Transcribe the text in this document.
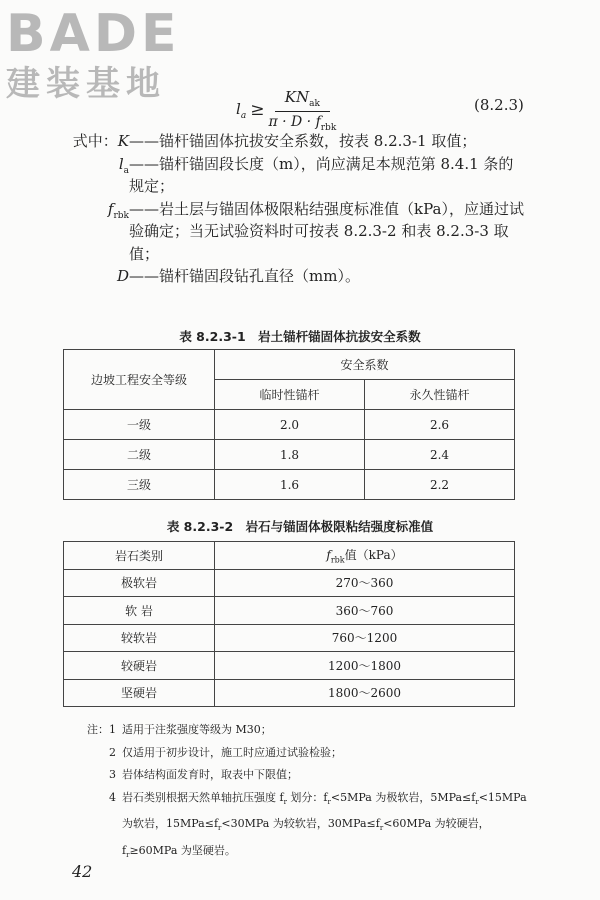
BADE
建装基地
$l_a \ge \frac{KN_{ak}}{\pi \cdot D \cdot f_{rbk}}$	(8.2.3)
式中：K ——锚杆锚固体抗拔安全系数，按表 8.2.3-1 取值；
$l_a$ ——锚杆锚固段长度（m），尚应满足本规范第 8.4.1 条的规定；
$f_{rbk}$ ——岩土层与锚固体极限粘结强度标准值（kPa），应通过试验确定；当无试验资料时可按表 8.2.3-2 和表 8.2.3-3 取值；
D ——锚杆锚固段钻孔直径（mm）。
表 8.2.3-1　岩土锚杆锚固体抗拔安全系数
边坡工程安全等级	安全系数	
	临时性锚杆	永久性锚杆
一级	2.0	2.6
二级	1.8	2.4
三级	1.6	2.2
表 8.2.3-2　岩石与锚固体极限粘结强度标准值
岩石类别	$f_{rbk}$值（kPa）
极软岩	270～360
软 岩	360～760
较软岩	760～1200
较硬岩	1200～1800
坚硬岩	1800～2600
注：1 适用于注浆强度等级为 M30；
2 仅适用于初步设计，施工时应通过试验检验；
3 岩体结构面发育时，取表中下限值；
4 岩石类别根据天然单轴抗压强度 $f_r$ 划分：$f_r<5MPa$ 为极软岩，$5MPa\le f_r<15MPa$ 为软岩，$15MPa\le f_r<30MPa$ 为较软岩，$30MPa\le f_r<60MPa$ 为较硬岩，$f_r\ge 60MPa$ 为坚硬岩。
42
